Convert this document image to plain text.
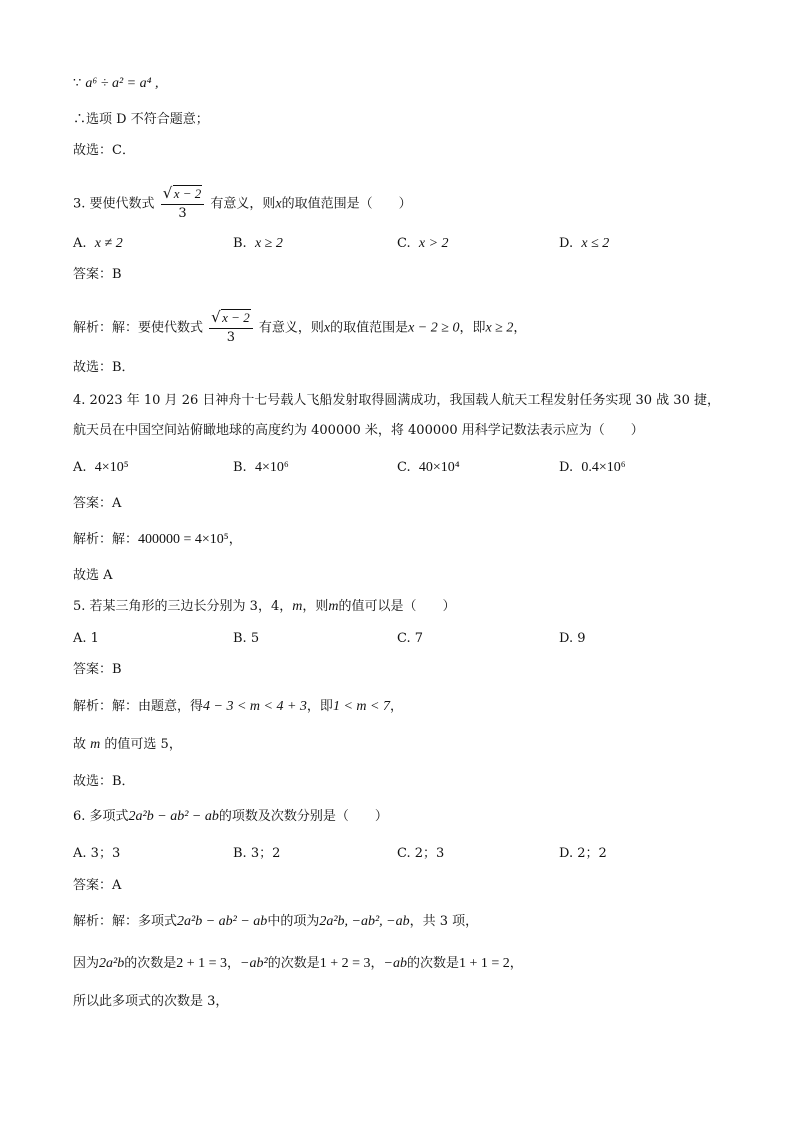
∵ a⁶ ÷ a² = a⁴ ,
∴选项 D 不符合题意；
故选：C．
3. 要使代数式 $\frac{√ x - 2}{3}$ 有意义，则x的取值范围是（　　）
A. x ≠ 2	B. x ≥ 2	C. x > 2	D. x ≤ 2
答案：B
解析：解：要使代数式 $\frac{√ x - 2}{3}$ 有意义，则x的取值范围是x − 2 ≥ 0，即x ≥ 2，
故选：B．
4. 2023 年 10 月 26 日神舟十七号载人飞船发射取得圆满成功，我国载人航天工程发射任务实现 30 战 30 捷，
航天员在中国空间站俯瞰地球的高度约为 400000 米，将 400000 用科学记数法表示应为（　　）
A. 4×10⁵	B. 4×10⁶	C. 40×10⁴	D. 0.4×10⁶
答案：A
解析：解：400000 = 4×10⁵，
故选 A
5. 若某三角形的三边长分别为 3，4，m，则m的值可以是（　　）
A. 1	B. 5	C. 7	D. 9
答案：B
解析：解：由题意，得4 − 3 < m < 4 + 3，即1 < m < 7，
故 m 的值可选 5，
故选：B．
6. 多项式2a²b − ab² − ab的项数及次数分别是（　　）
A. 3；3	B. 3；2	C. 2；3	D. 2；2
答案：A
解析：解：多项式2a²b − ab² − ab中的项为2a²b, −ab², −ab，共 3 项，
因为2a²b的次数是2 + 1 = 3，−ab²的次数是1 + 2 = 3，−ab的次数是1 + 1 = 2，
所以此多项式的次数是 3，
